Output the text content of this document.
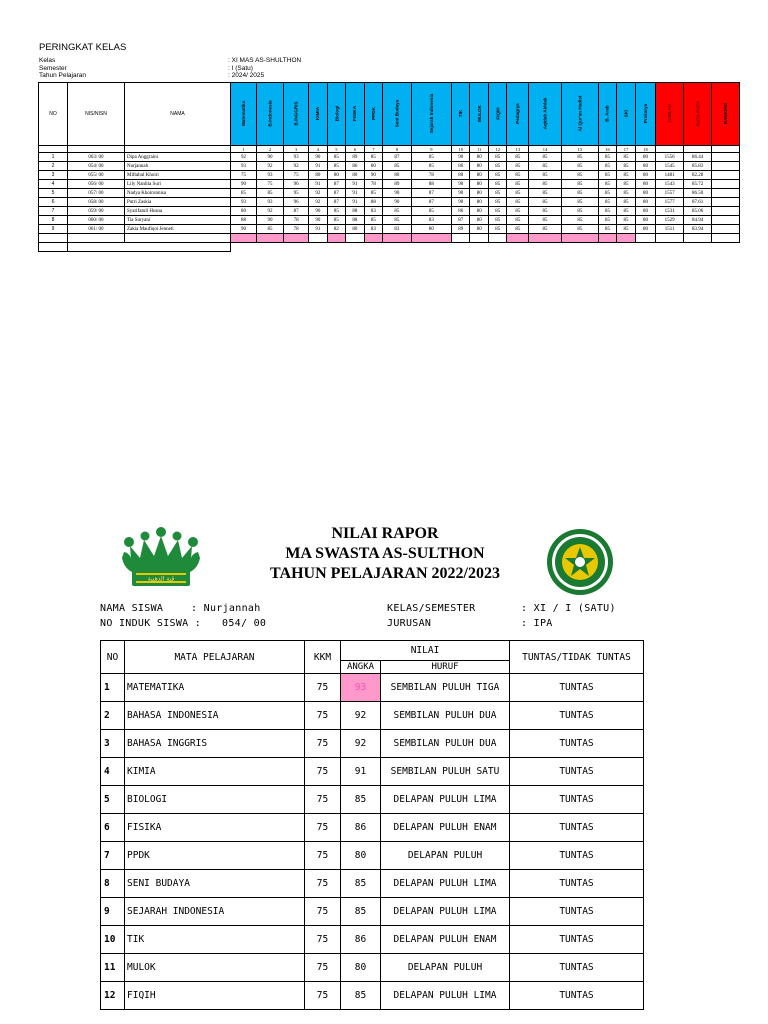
PERINGKAT KELAS
Kelas	: XI MAS AS-SHULTHON
Semester	: I (Satu)
Tahun Pelajaran	: 2024/ 2025
NO	NIS/NISN	NAMA	Matematika	B.Indonesia	B.INGGRIS	KIMIA	Biologi	FISIKA	PPDK	Seni Budaya	Sejarah Indonesia	TIK	MULOK	FIQIH	Pedagrys	Aqidah Akhlak	Al Qur'an Hadist	B. Arab	SKI	Prakarya	JUMLAH	RATA-RATA	RANKING
			1	2	3	4	5	6	7	8	9	10	11	12	13	14	15	16	17	18			
1	063/ 00	Dipa Anggraini	92	90	93	90	85	89	85	87	85	90	80	85	85	85	85	85	85	80	1556	86.44	
2	054/ 00	Nurjannah	93	92	92	91	85	86	80	85	85	86	80	85	85	85	85	85	85	80	1545	85.83	
3	055/ 00	Miftahul Khoiri	75	93	75	80	80	80	90	80	78	80	80	85	85	85	85	85	85	80	1481	82.28	
4	056/ 00	Lily Nanlita Suri	90	75	96	91	87	91	78	89	88	90	80	85	85	85	85	85	85	80	1543	85.72	
5	057/ 00	Nadya Khoirunnisa	85	85	95	92	87	91	85	90	87	90	80	85	85	85	85	85	85	80	1557	86.50	
6	058/ 00	Putri Zaskia	93	93	96	92	87	91	88	90	87	90	80	85	85	85	85	85	85	80	1577	87.61	
7	059/ 00	Syarifatull Husna	80	92	87	90	85	88	83	85	85	86	80	85	85	85	85	85	85	80	1531	85.06	
8	060/ 00	Tia Suryani	88	90	78	90	85	88	85	85	83	87	80	85	85	85	85	85	85	80	1529	84.94	
9	061/ 00	Zakia Maufiqoi Jenneti	90	85	78	91	82	80	83	83	80	89	80	85	85	85	85	85	85	80	1511	83.94	

قبة الذهبية
NILAI RAPOR
MA SWASTA AS-SULTHON
TAHUN PELAJARAN 2022/2023
NAMA SISWA	: Nurjannah
NO INDUK SISWA : 054/ 00
KELAS/SEMESTER	: XI / I (SATU)
JURUSAN	: IPA
NO	MATA PELAJARAN	KKM	NILAI		TUNTAS/TIDAK TUNTAS
			ANGKA	HURUF	
1	MATEMATIKA	75	93	SEMBILAN PULUH TIGA	TUNTAS
2	BAHASA INDONESIA	75	92	SEMBILAN PULUH DUA	TUNTAS
3	BAHASA INGGRIS	75	92	SEMBILAN PULUH DUA	TUNTAS
4	KIMIA	75	91	SEMBILAN PULUH SATU	TUNTAS
5	BIOLOGI	75	85	DELAPAN PULUH LIMA	TUNTAS
6	FISIKA	75	86	DELAPAN PULUH ENAM	TUNTAS
7	PPDK	75	80	DELAPAN PULUH	TUNTAS
8	SENI BUDAYA	75	85	DELAPAN PULUH LIMA	TUNTAS
9	SEJARAH INDONESIA	75	85	DELAPAN PULUH LIMA	TUNTAS
10	TIK	75	86	DELAPAN PULUH ENAM	TUNTAS
11	MULOK	75	80	DELAPAN PULUH	TUNTAS
12	FIQIH	75	85	DELAPAN PULUH LIMA	TUNTAS
